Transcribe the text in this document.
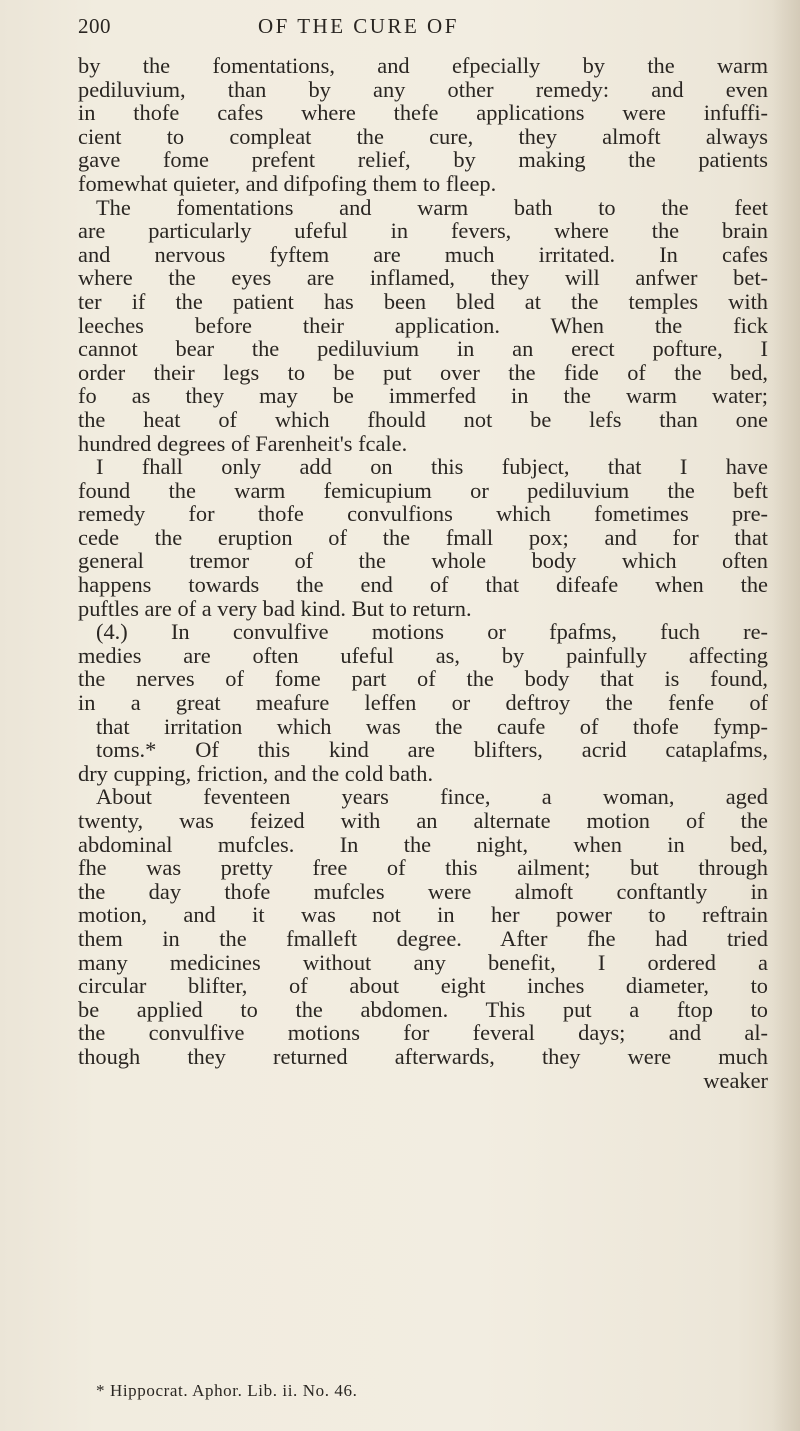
200	OF THE CURE OF
by the fomentations, and efpecially by the warm
pediluvium, than by any other remedy: and even
in thofe cafes where thefe applications were infuffi-
cient to compleat the cure, they almoft always
gave fome prefent relief, by making the patients
fomewhat quieter, and difpofing them to fleep.
The fomentations and warm bath to the feet
are particularly ufeful in fevers, where the brain
and nervous fyftem are much irritated. In cafes
where the eyes are inflamed, they will anfwer bet-
ter if the patient has been bled at the temples with
leeches before their application. When the fick
cannot bear the pediluvium in an erect pofture, I
order their legs to be put over the fide of the bed,
fo as they may be immerfed in the warm water;
the heat of which fhould not be lefs than one
hundred degrees of Farenheit's fcale.
I fhall only add on this fubject, that I have
found the warm femicupium or pediluvium the beft
remedy for thofe convulfions which fometimes pre-
cede the eruption of the fmall pox; and for that
general tremor of the whole body which often
happens towards the end of that difeafe when the
puftles are of a very bad kind. But to return.
(4.) In convulfive motions or fpafms, fuch re-
medies are often ufeful as, by painfully affecting
the nerves of fome part of the body that is found,
in a great meafure leffen or deftroy the fenfe of
that irritation which was the caufe of thofe fymp-
toms.* Of this kind are blifters, acrid cataplafms,
dry cupping, friction, and the cold bath.
About feventeen years fince, a woman, aged
twenty, was feized with an alternate motion of the
abdominal mufcles. In the night, when in bed,
fhe was pretty free of this ailment; but through
the day thofe mufcles were almoft conftantly in
motion, and it was not in her power to reftrain
them in the fmalleft degree. After fhe had tried
many medicines without any benefit, I ordered a
circular blifter, of about eight inches diameter, to
be applied to the abdomen. This put a ftop to
the convulfive motions for feveral days; and al-
though they returned afterwards, they were much
weaker
* Hippocrat. Aphor. Lib. ii. No. 46.
